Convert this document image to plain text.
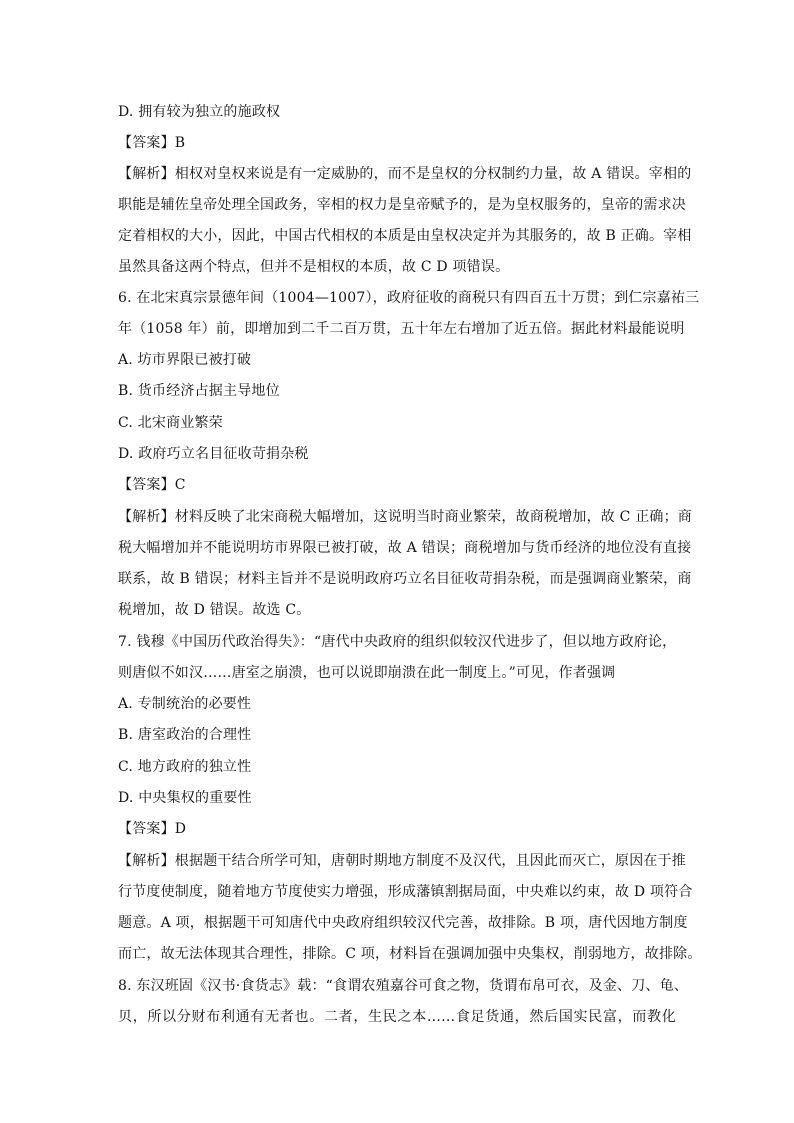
D. 拥有较为独立的施政权
【答案】B
【解析】相权对皇权来说是有一定威胁的，而不是皇权的分权制约力量，故 A 错误。宰相的
职能是辅佐皇帝处理全国政务，宰相的权力是皇帝赋予的，是为皇权服务的，皇帝的需求决
定着相权的大小，因此，中国古代相权的本质是由皇权决定并为其服务的，故 B 正确。宰相
虽然具备这两个特点，但并不是相权的本质，故 C D 项错误。
6. 在北宋真宗景德年间（1004—1007），政府征收的商税只有四百五十万贯；到仁宗嘉祐三
年（1058 年）前，即增加到二千二百万贯，五十年左右增加了近五倍。据此材料最能说明
A. 坊市界限已被打破
B. 货币经济占据主导地位
C. 北宋商业繁荣
D. 政府巧立名目征收苛捐杂税
【答案】C
【解析】材料反映了北宋商税大幅增加，这说明当时商业繁荣，故商税增加，故 C 正确；商
税大幅增加并不能说明坊市界限已被打破，故 A 错误；商税增加与货币经济的地位没有直接
联系，故 B 错误；材料主旨并不是说明政府巧立名目征收苛捐杂税，而是强调商业繁荣，商
税增加，故 D 错误。故选 C。
7. 钱穆《中国历代政治得失》：“唐代中央政府的组织似较汉代进步了，但以地方政府论，
则唐似不如汉……唐室之崩溃，也可以说即崩溃在此一制度上。”可见，作者强调
A. 专制统治的必要性
B. 唐室政治的合理性
C. 地方政府的独立性
D. 中央集权的重要性
【答案】D
【解析】根据题干结合所学可知，唐朝时期地方制度不及汉代，且因此而灭亡，原因在于推
行节度使制度，随着地方节度使实力增强，形成藩镇割据局面，中央难以约束，故 D 项符合
题意。A 项，根据题干可知唐代中央政府组织较汉代完善，故排除。B 项，唐代因地方制度
而亡，故无法体现其合理性，排除。C 项，材料旨在强调加强中央集权，削弱地方，故排除。
8. 东汉班固《汉书·食货志》载：“食谓农殖嘉谷可食之物，货谓布帛可衣，及金、刀、龟、
贝，所以分财布利通有无者也。二者，生民之本……食足货通，然后国实民富，而教化
